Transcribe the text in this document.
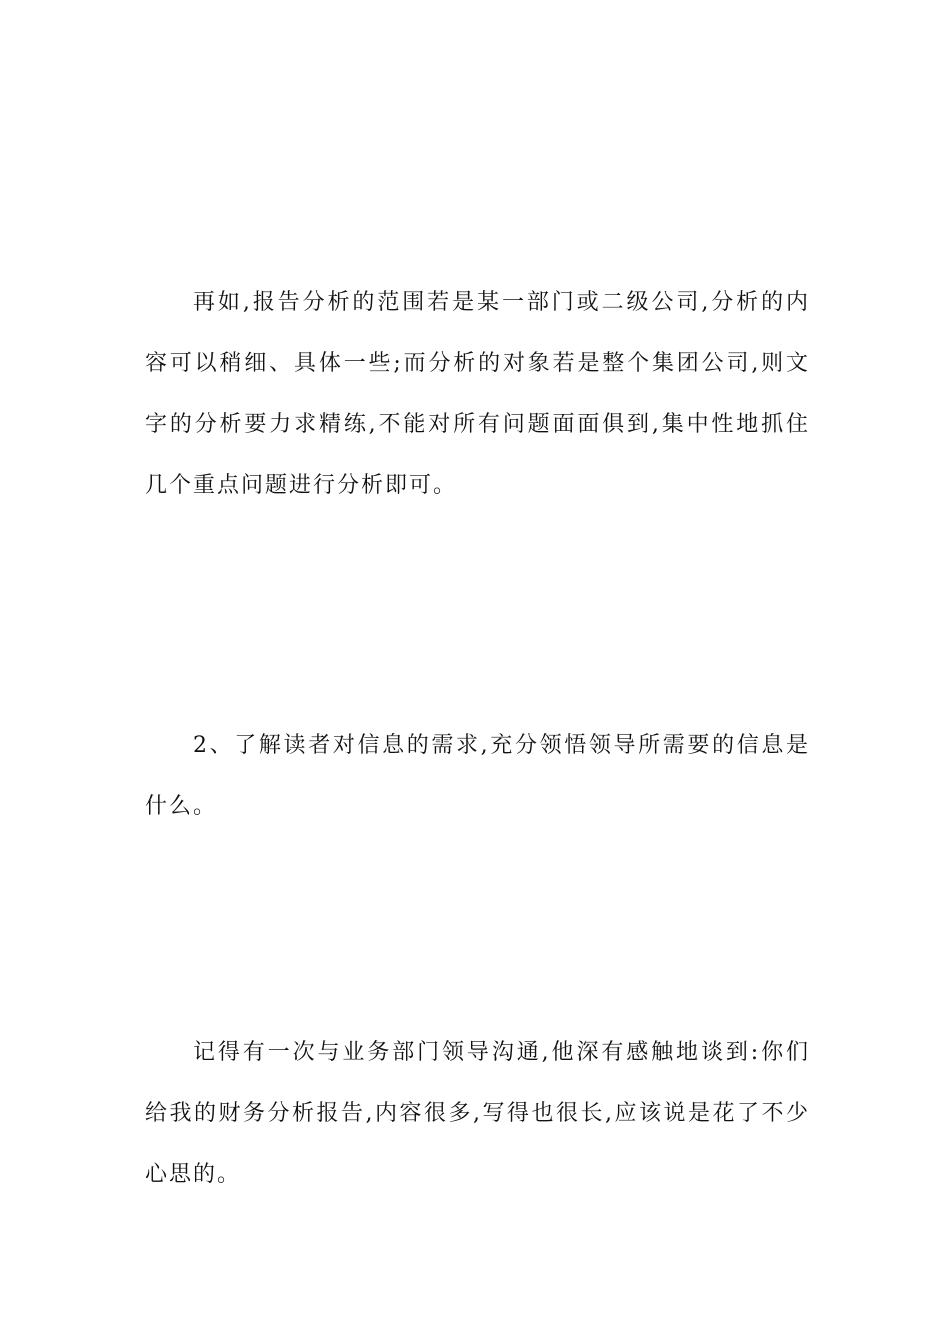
再如,报告分析的范围若是某一部门或二级公司,分析的内容可以稍细、具体一些;而分析的对象若是整个集团公司,则文字的分析要力求精练,不能对所有问题面面俱到,集中性地抓住几个重点问题进行分析即可。

2、了解读者对信息的需求,充分领悟领导所需要的信息是什么。

记得有一次与业务部门领导沟通,他深有感触地谈到:你们给我的财务分析报告,内容很多,写得也很长,应该说是花了不少心思的。
